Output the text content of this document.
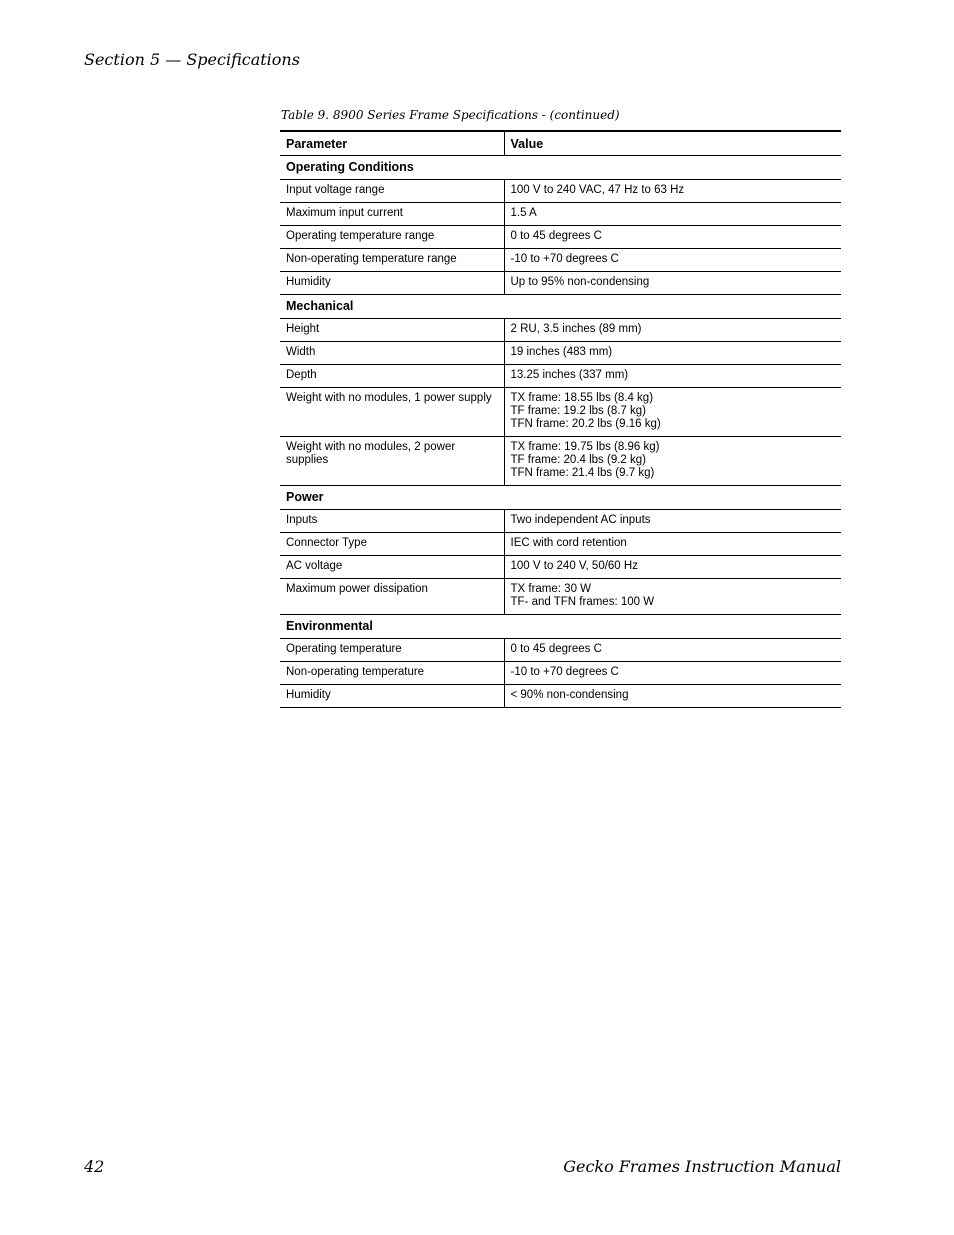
Section 5 — Specifications
Table 9. 8900 Series Frame Specifications - (continued)
Parameter	Value
Operating Conditions	
Input voltage range	100 V to 240 VAC, 47 Hz to 63 Hz

Maximum input current	1.5 A

Operating temperature range	0 to 45 degrees C

Non-operating temperature range	-10 to +70 degrees C

Humidity	Up to 95% non-condensing

Mechanical	
Height	2 RU, 3.5 inches (89 mm)

Width	19 inches (483 mm)

Depth	13.25 inches (337 mm)

Weight with no modules, 1 power supply	TX frame: 18.55 lbs (8.4 kg)
TF frame: 19.2 lbs (8.7 kg)
TFN frame: 20.2 lbs (9.16 kg)

Weight with no modules, 2 power supplies	TX frame: 19.75 lbs (8.96 kg)
TF frame: 20.4 lbs (9.2 kg)
TFN frame: 21.4 lbs (9.7 kg)

Power	
Inputs	Two independent AC inputs

Connector Type	IEC with cord retention

AC voltage	100 V to 240 V, 50/60 Hz

Maximum power dissipation	TX frame: 30 W
TF- and TFN frames: 100 W

Environmental	
Operating temperature	0 to 45 degrees C

Non-operating temperature	-10 to +70 degrees C

Humidity	< 90% non-condensing
42	Gecko Frames Instruction Manual
